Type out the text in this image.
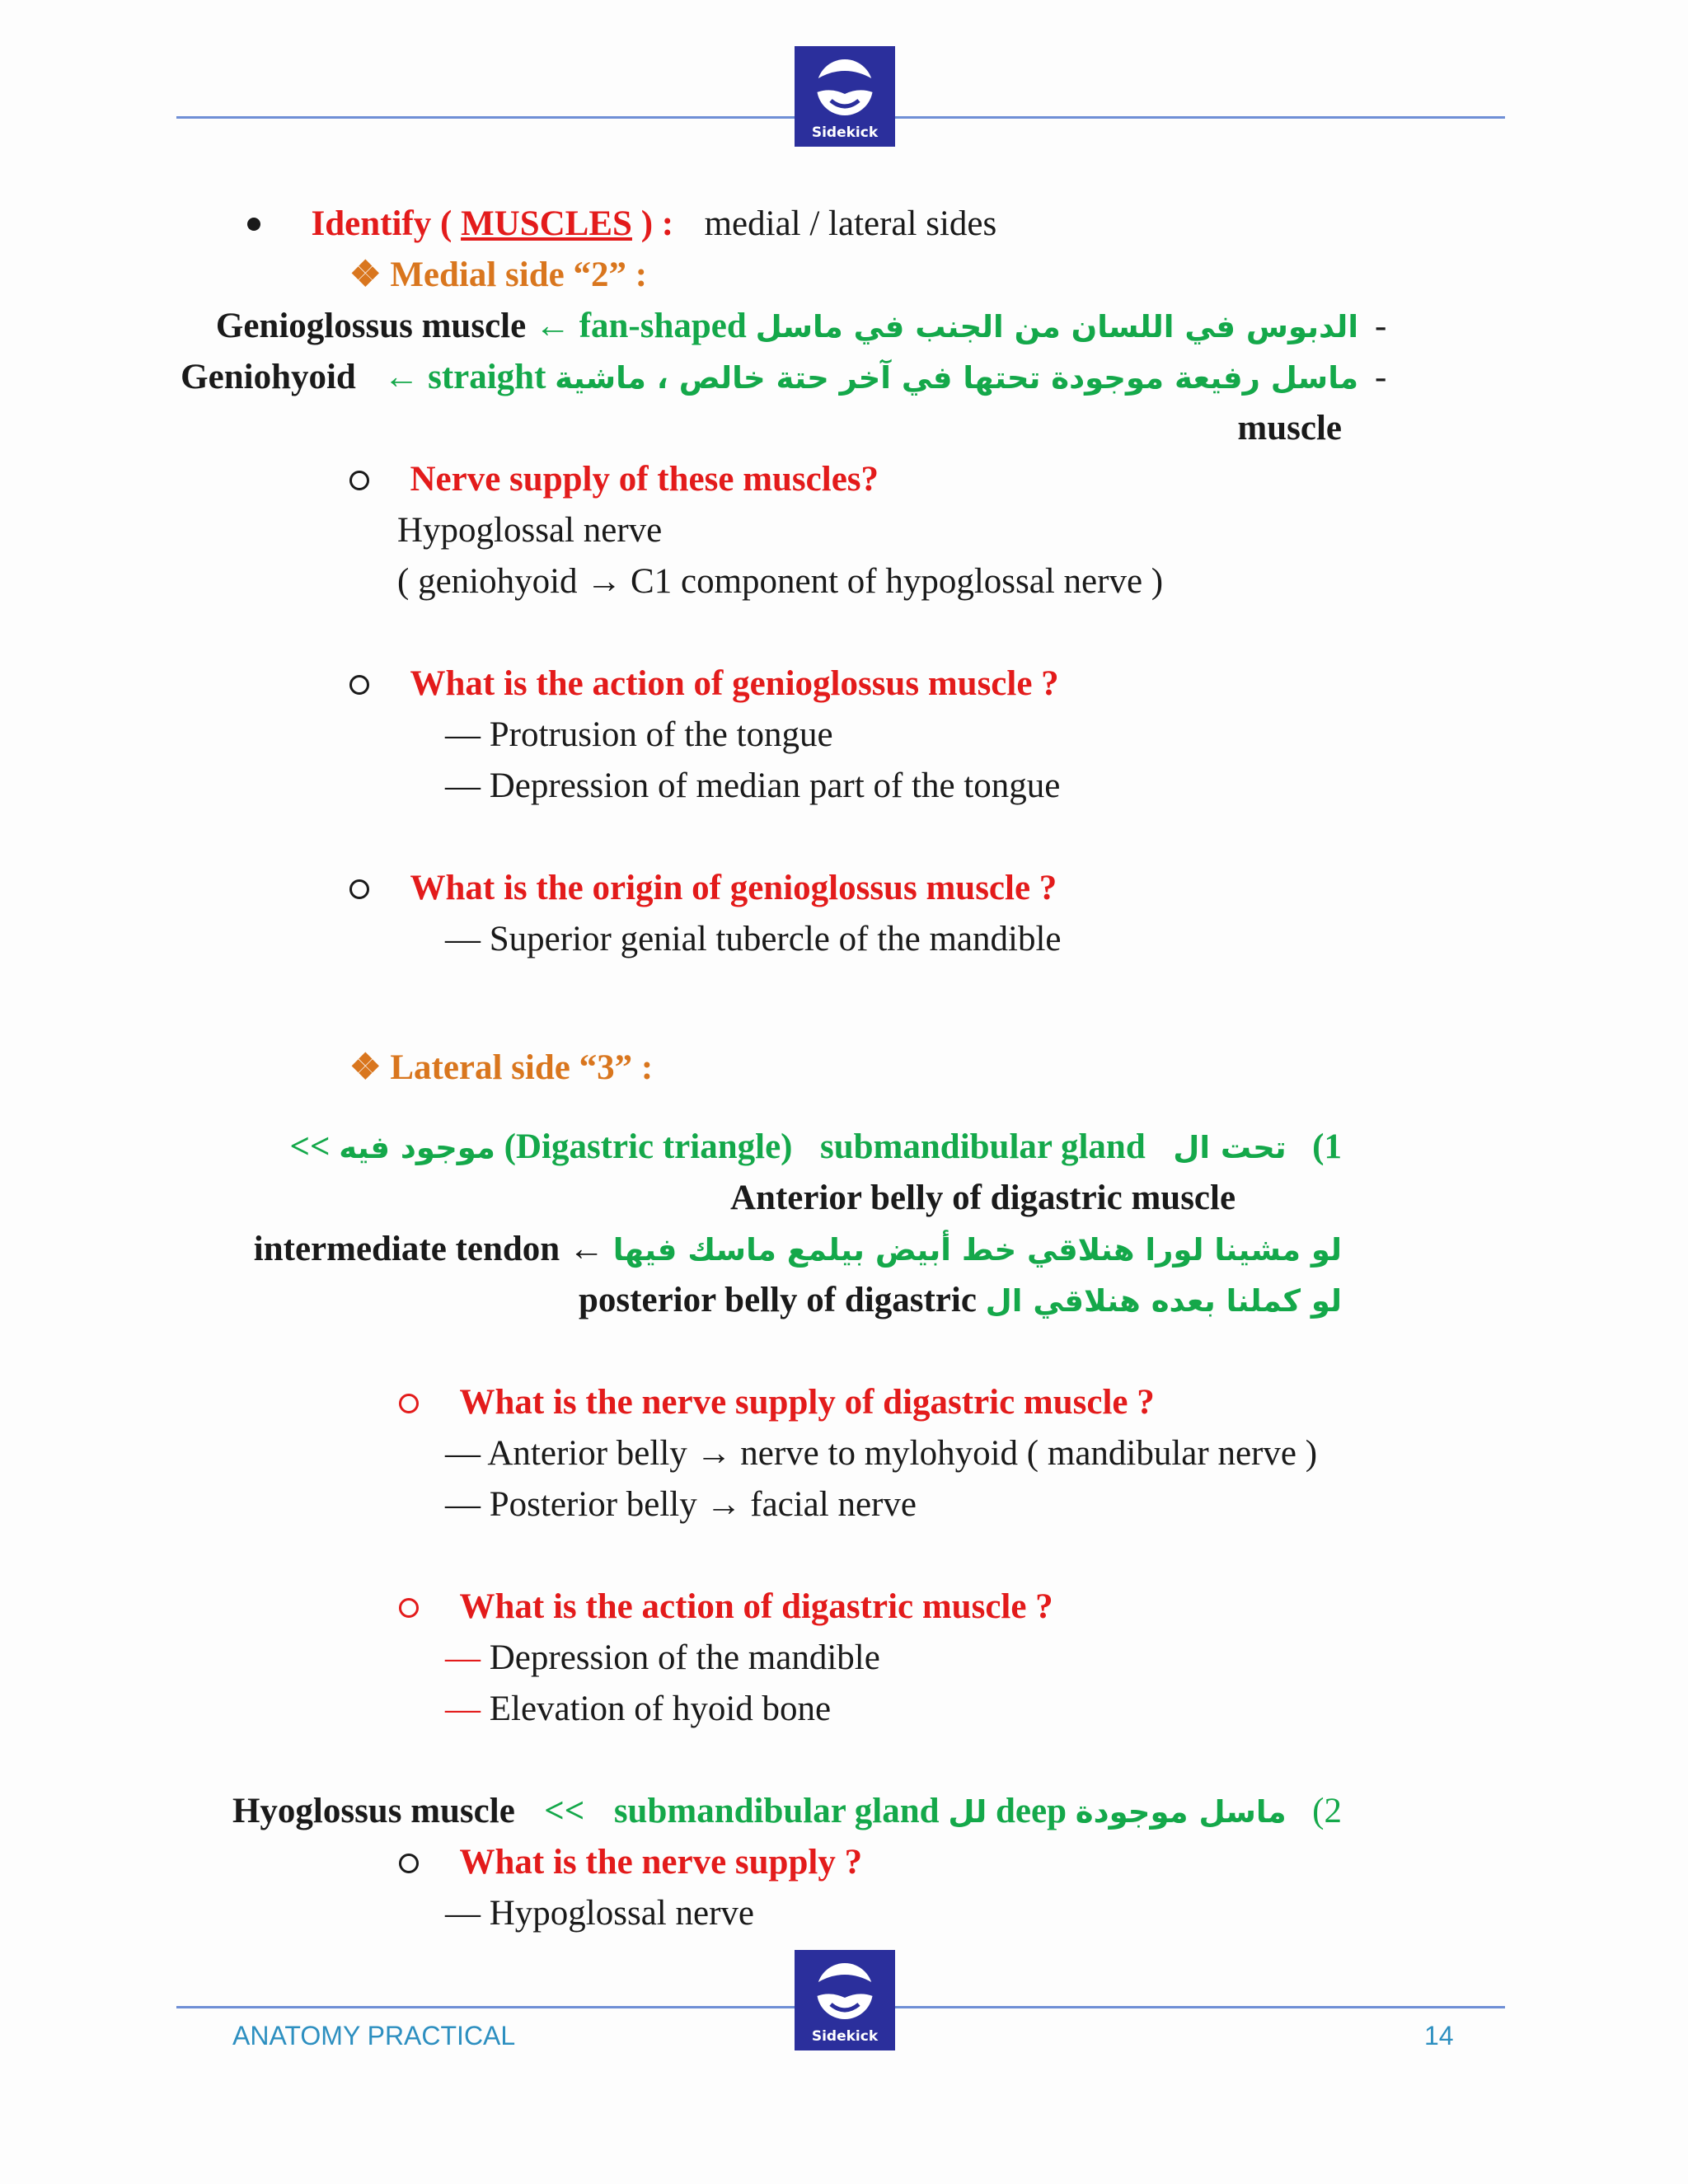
Sidekick
Identify ( MUSCLES ) : medial / lateral sides
❖ Medial side “2” :
Genioglossus muscle ← fan-shaped الدبوس في اللسان من الجنب في ماسل -
Geniohyoid ← straight ماسل رفيعة موجودة تحتها في آخر حتة خالص ، ماشية -
muscle
Nerve supply of these muscles?
Hypoglossal nerve
( geniohyoid → C1 component of hypoglossal nerve )
What is the action of genioglossus muscle ?
— Protrusion of the tongue
— Depression of median part of the tongue
What is the origin of genioglossus muscle ?
— Superior genial tubercle of the mandible
❖ Lateral side “3” :
<< موجود فيه (Digastric triangle) submandibular gland تحت ال (1
Anterior belly of digastric muscle
intermediate tendon ← لو مشينا لورا هنلاقي خط أبيض بيلمع ماسك فيها
posterior belly of digastric لو كملنا بعده هنلاقي ال
What is the nerve supply of digastric muscle ?
— Anterior belly → nerve to mylohyoid ( mandibular nerve )
— Posterior belly → facial nerve
What is the action of digastric muscle ?
— Depression of the mandible
— Elevation of hyoid bone
Hyoglossus muscle << submandibular gland لل deep ماسل موجودة (2
What is the nerve supply ?
— Hypoglossal nerve
Sidekick
ANATOMY PRACTICAL	14
